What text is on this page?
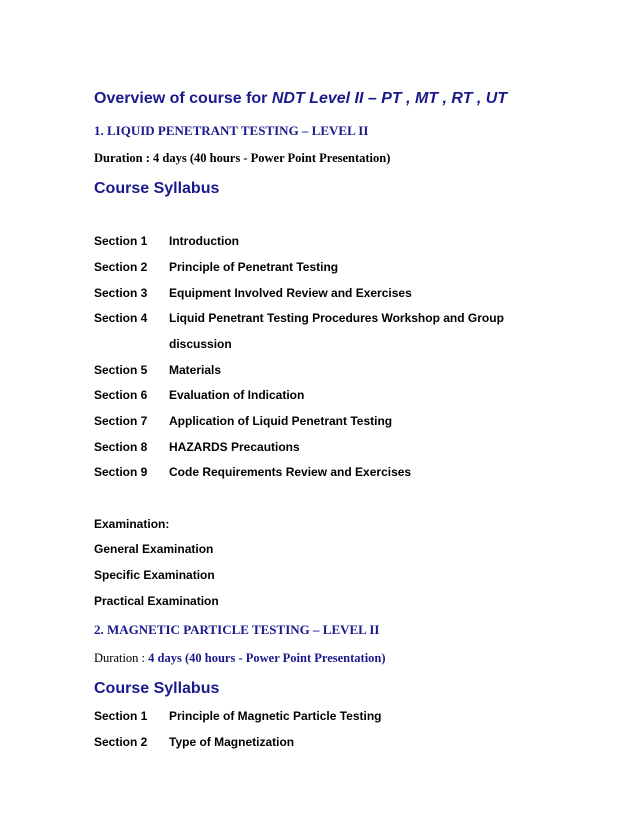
Overview of course for NDT Level II – PT , MT , RT , UT
1. LIQUID PENETRANT TESTING – LEVEL II
Duration : 4 days (40 hours - Power Point Presentation)
Course Syllabus
Section 1 Introduction
Section 2 Principle of Penetrant Testing
Section 3 Equipment Involved Review and Exercises
Section 4 Liquid Penetrant Testing Procedures Workshop and Group
discussion
Section 5 Materials
Section 6 Evaluation of Indication
Section 7 Application of Liquid Penetrant Testing
Section 8 HAZARDS Precautions
Section 9 Code Requirements Review and Exercises
Examination:
General Examination
Specific Examination
Practical Examination
2. MAGNETIC PARTICLE TESTING – LEVEL II
Duration : 4 days (40 hours - Power Point Presentation)
Course Syllabus
Section 1 Principle of Magnetic Particle Testing
Section 2 Type of Magnetization
